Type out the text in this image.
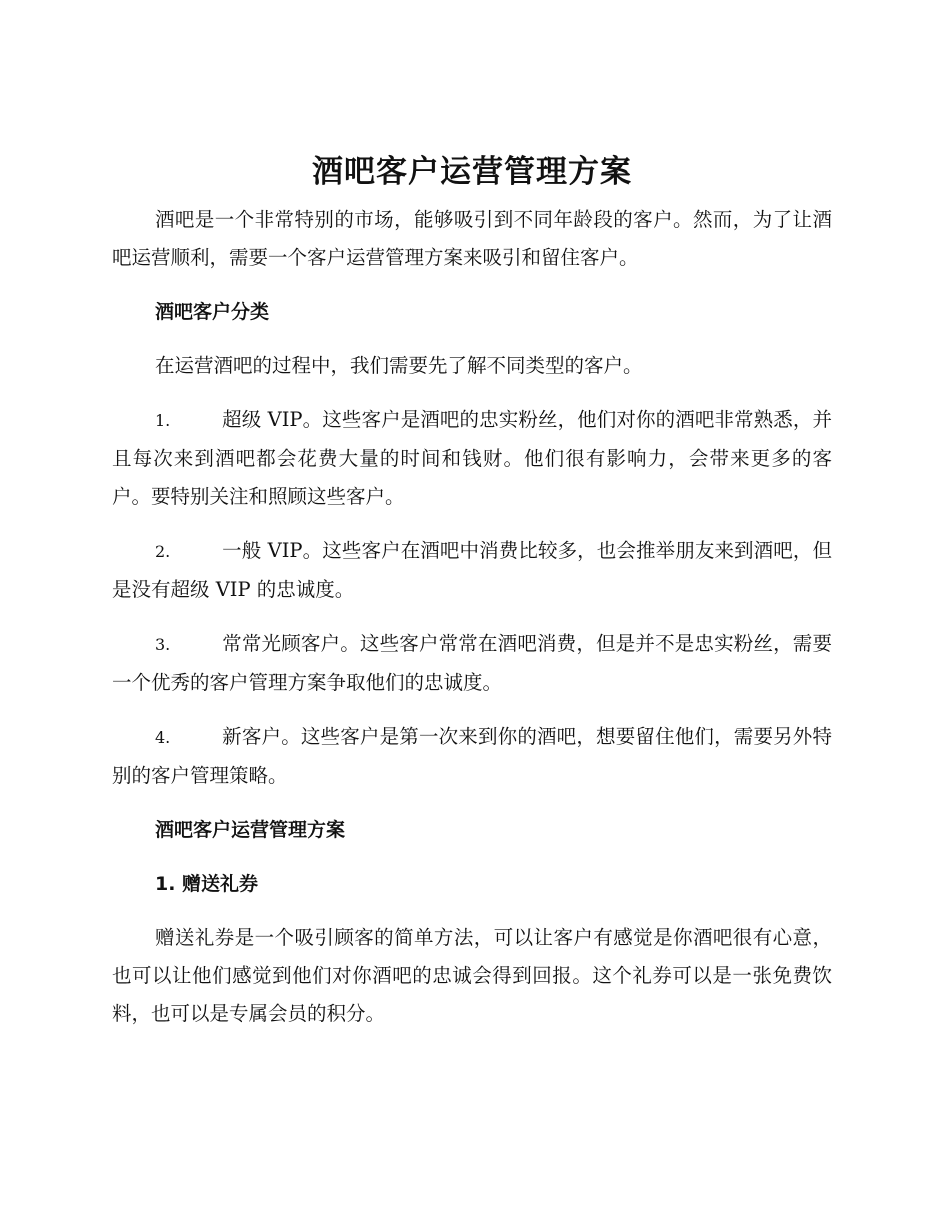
酒吧客户运营管理方案

酒吧是一个非常特别的市场，能够吸引到不同年龄段的客户。然而，为了让酒吧运营顺利，需要一个客户运营管理方案来吸引和留住客户。

酒吧客户分类

在运营酒吧的过程中，我们需要先了解不同类型的客户。

1.	超级 VIP。这些客户是酒吧的忠实粉丝，他们对你的酒吧非常熟悉，并且每次来到酒吧都会花费大量的时间和钱财。他们很有影响力，会带来更多的客户。要特别关注和照顾这些客户。

2.	一般 VIP。这些客户在酒吧中消费比较多，也会推举朋友来到酒吧，但是没有超级 VIP 的忠诚度。

3.	常常光顾客户。这些客户常常在酒吧消费，但是并不是忠实粉丝，需要一个优秀的客户管理方案争取他们的忠诚度。

4.	新客户。这些客户是第一次来到你的酒吧，想要留住他们，需要另外特别的客户管理策略。

酒吧客户运营管理方案
1. 赠送礼券

赠送礼券是一个吸引顾客的简单方法，可以让客户有感觉是你酒吧很有心意，也可以让他们感觉到他们对你酒吧的忠诚会得到回报。这个礼券可以是一张免费饮料，也可以是专属会员的积分。
